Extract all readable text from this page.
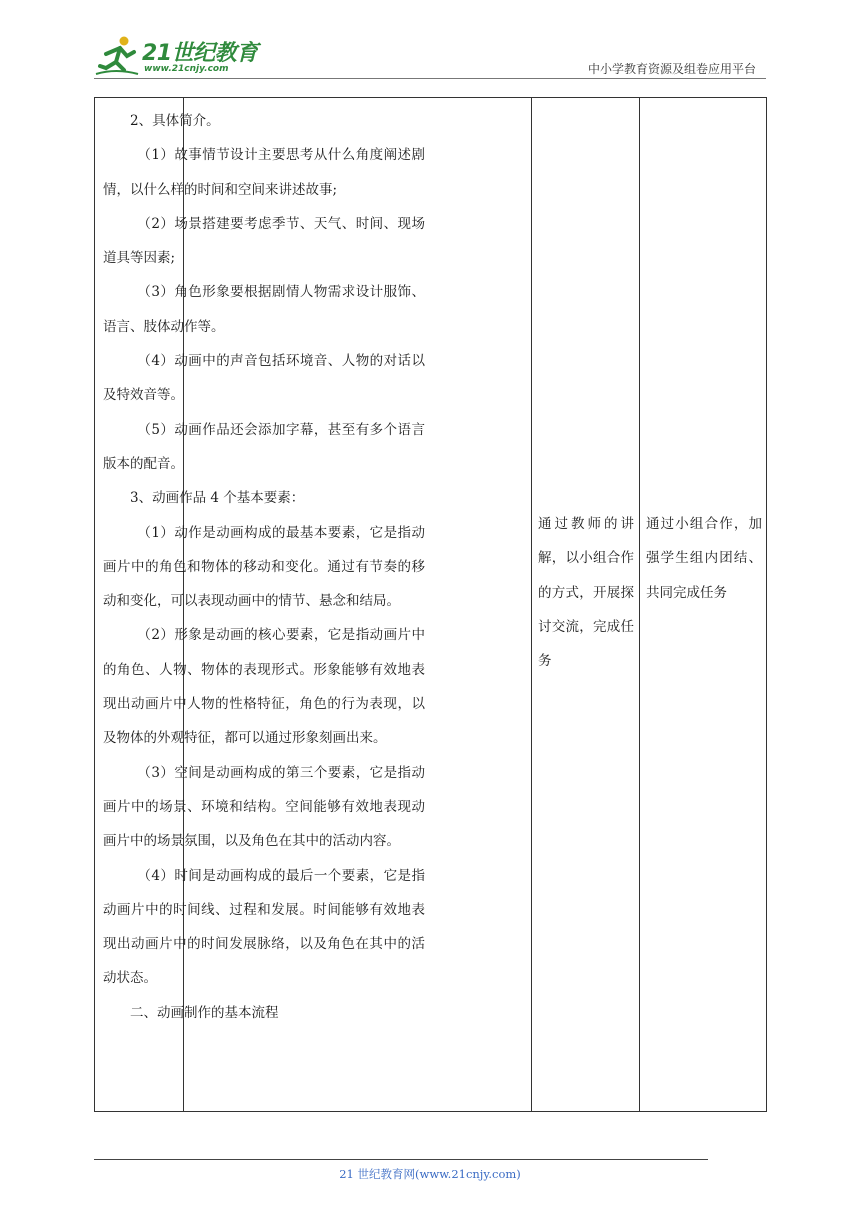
21世纪教育
www.21cnjy.com	中小学教育资源及组卷应用平台

2、具体简介。

（1）故事情节设计主要思考从什么角度阐述剧情，以什么样的时间和空间来讲述故事;

（2）场景搭建要考虑季节、天气、时间、现场道具等因素;

（3）角色形象要根据剧情人物需求设计服饰、语言、肢体动作等。

（4）动画中的声音包括环境音、人物的对话以及特效音等。

（5）动画作品还会添加字幕，甚至有多个语言版本的配音。

3、动画作品 4 个基本要素：

（1）动作是动画构成的最基本要素，它是指动画片中的角色和物体的移动和变化。通过有节奏的移动和变化，可以表现动画中的情节、悬念和结局。

（2）形象是动画的核心要素，它是指动画片中的角色、人物、物体的表现形式。形象能够有效地表现出动画片中人物的性格特征，角色的行为表现，以及物体的外观特征，都可以通过形象刻画出来。

（3）空间是动画构成的第三个要素，它是指动画片中的场景、环境和结构。空间能够有效地表现动画片中的场景氛围，以及角色在其中的活动内容。

（4）时间是动画构成的最后一个要素，它是指动画片中的时间线、过程和发展。时间能够有效地表现出动画片中的时间发展脉络，以及角色在其中的活动状态。

二、动画制作的基本流程

通过教师的讲解，以小组合作的方式，开展探讨交流，完成任务
通过小组合作，加强学生组内团结、共同完成任务
21 世纪教育网(www.21cnjy.com)
